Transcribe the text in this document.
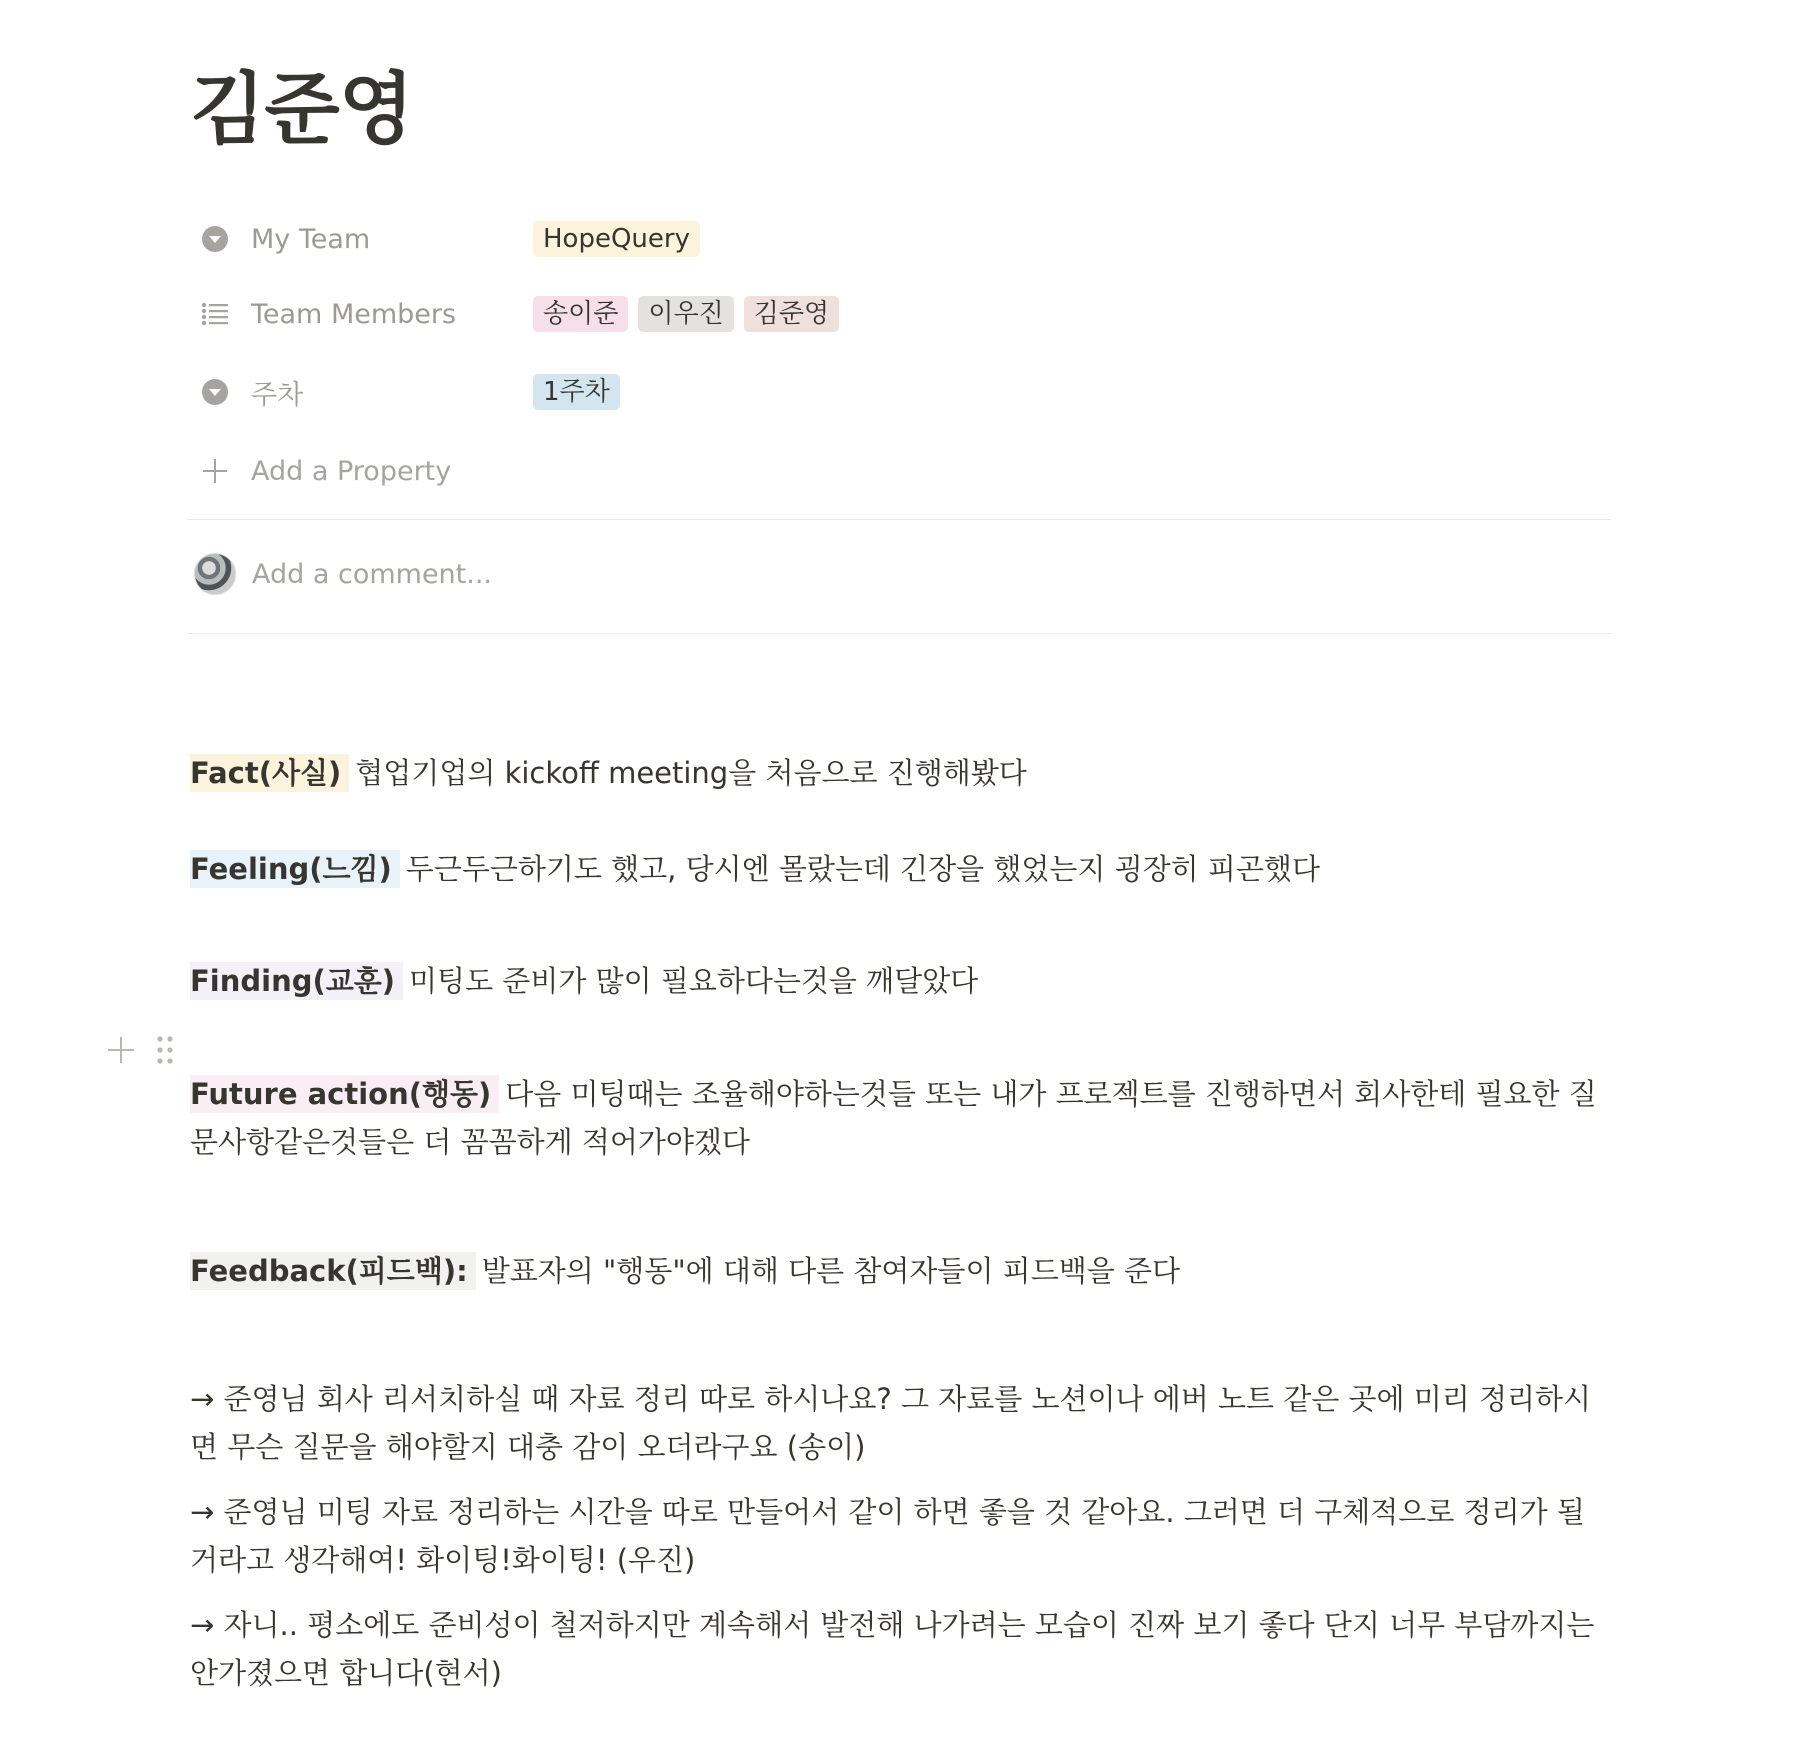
김준영
My Team	HopeQuery
Team Members	송이준	이우진	김준영
주차	1주차
Add a Property
Add a comment...
Fact(사실) 협업기업의 kickoff meeting을 처음으로 진행해봤다
Feeling(느낌) 두근두근하기도 했고, 당시엔 몰랐는데 긴장을 했었는지 굉장히 피곤했다
Finding(교훈) 미팅도 준비가 많이 필요하다는것을 깨달았다
Future action(행동) 다음 미팅때는 조율해야하는것들 또는 내가 프로젝트를 진행하면서 회사한테 필요한 질문사항같은것들은 더 꼼꼼하게 적어가야겠다
Feedback(피드백): 발표자의 "행동"에 대해 다른 참여자들이 피드백을 준다
→ 준영님 회사 리서치하실 때 자료 정리 따로 하시나요? 그 자료를 노션이나 에버 노트 같은 곳에 미리 정리하시면 무슨 질문을 해야할지 대충 감이 오더라구요 (송이)
→ 준영님 미팅 자료 정리하는 시간을 따로 만들어서 같이 하면 좋을 것 같아요. 그러면 더 구체적으로 정리가 될거라고 생각해여! 화이팅!화이팅! (우진)
→ 자니.. 평소에도 준비성이 철저하지만 계속해서 발전해 나가려는 모습이 진짜 보기 좋다 단지 너무 부담까지는 안가졌으면 합니다(현서)
